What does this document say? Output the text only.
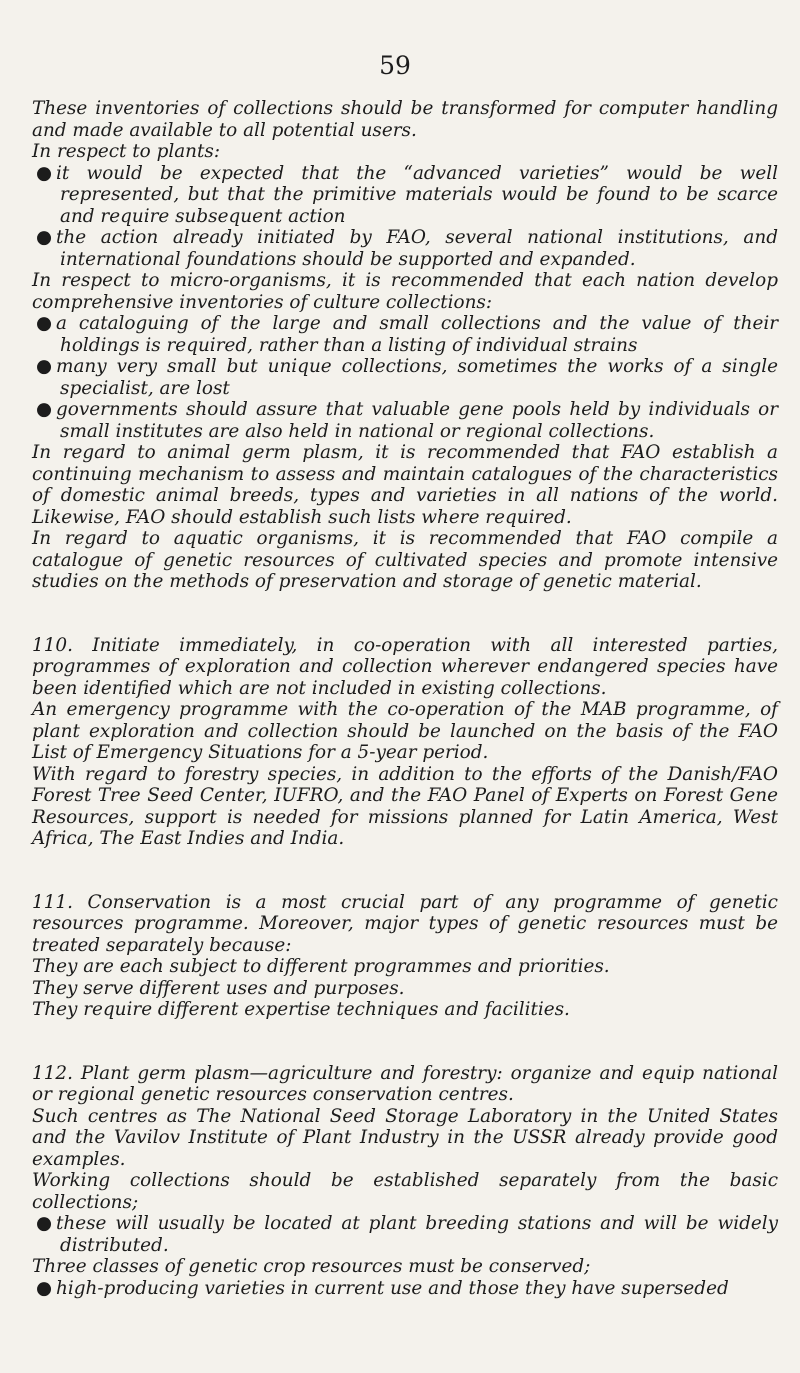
59

These inventories of collections should be transformed for computer handling and made available to all potential users.

In respect to plants:

● it would be expected that the “advanced varieties” would be well represented, but that the primitive materials would be found to be scarce and require subsequent action

● the action already initiated by FAO, several national institutions, and international foundations should be supported and expanded.

In respect to micro-organisms, it is recommended that each nation develop comprehensive inventories of culture collections:

● a cataloguing of the large and small collections and the value of their holdings is required, rather than a listing of individual strains

● many very small but unique collections, sometimes the works of a single specialist, are lost

● governments should assure that valuable gene pools held by individuals or small institutes are also held in national or regional collections.

In regard to animal germ plasm, it is recommended that FAO establish a continuing mechanism to assess and maintain catalogues of the characteristics of domestic animal breeds, types and varieties in all nations of the world. Likewise, FAO should establish such lists where required.

In regard to aquatic organisms, it is recommended that FAO compile a catalogue of genetic resources of cultivated species and promote intensive studies on the methods of preservation and storage of genetic material.

110. Initiate immediately, in co-operation with all interested parties, programmes of exploration and collection wherever endangered species have been identified which are not included in existing collections.

An emergency programme with the co-operation of the MAB programme, of plant exploration and collection should be launched on the basis of the FAO List of Emergency Situations for a 5-year period.

With regard to forestry species, in addition to the efforts of the Danish/FAO Forest Tree Seed Center, IUFRO, and the FAO Panel of Experts on Forest Gene Resources, support is needed for missions planned for Latin America, West Africa, The East Indies and India.

111. Conservation is a most crucial part of any programme of genetic resources programme. Moreover, major types of genetic resources must be treated separately because:

They are each subject to different programmes and priorities.

They serve different uses and purposes.

They require different expertise techniques and facilities.

112. Plant germ plasm—agriculture and forestry: organize and equip national or regional genetic resources conservation centres.

Such centres as The National Seed Storage Laboratory in the United States and the Vavilov Institute of Plant Industry in the USSR already provide good examples.

Working collections should be established separately from the basic collections;

● these will usually be located at plant breeding stations and will be widely distributed.

Three classes of genetic crop resources must be conserved;

● high-producing varieties in current use and those they have superseded
